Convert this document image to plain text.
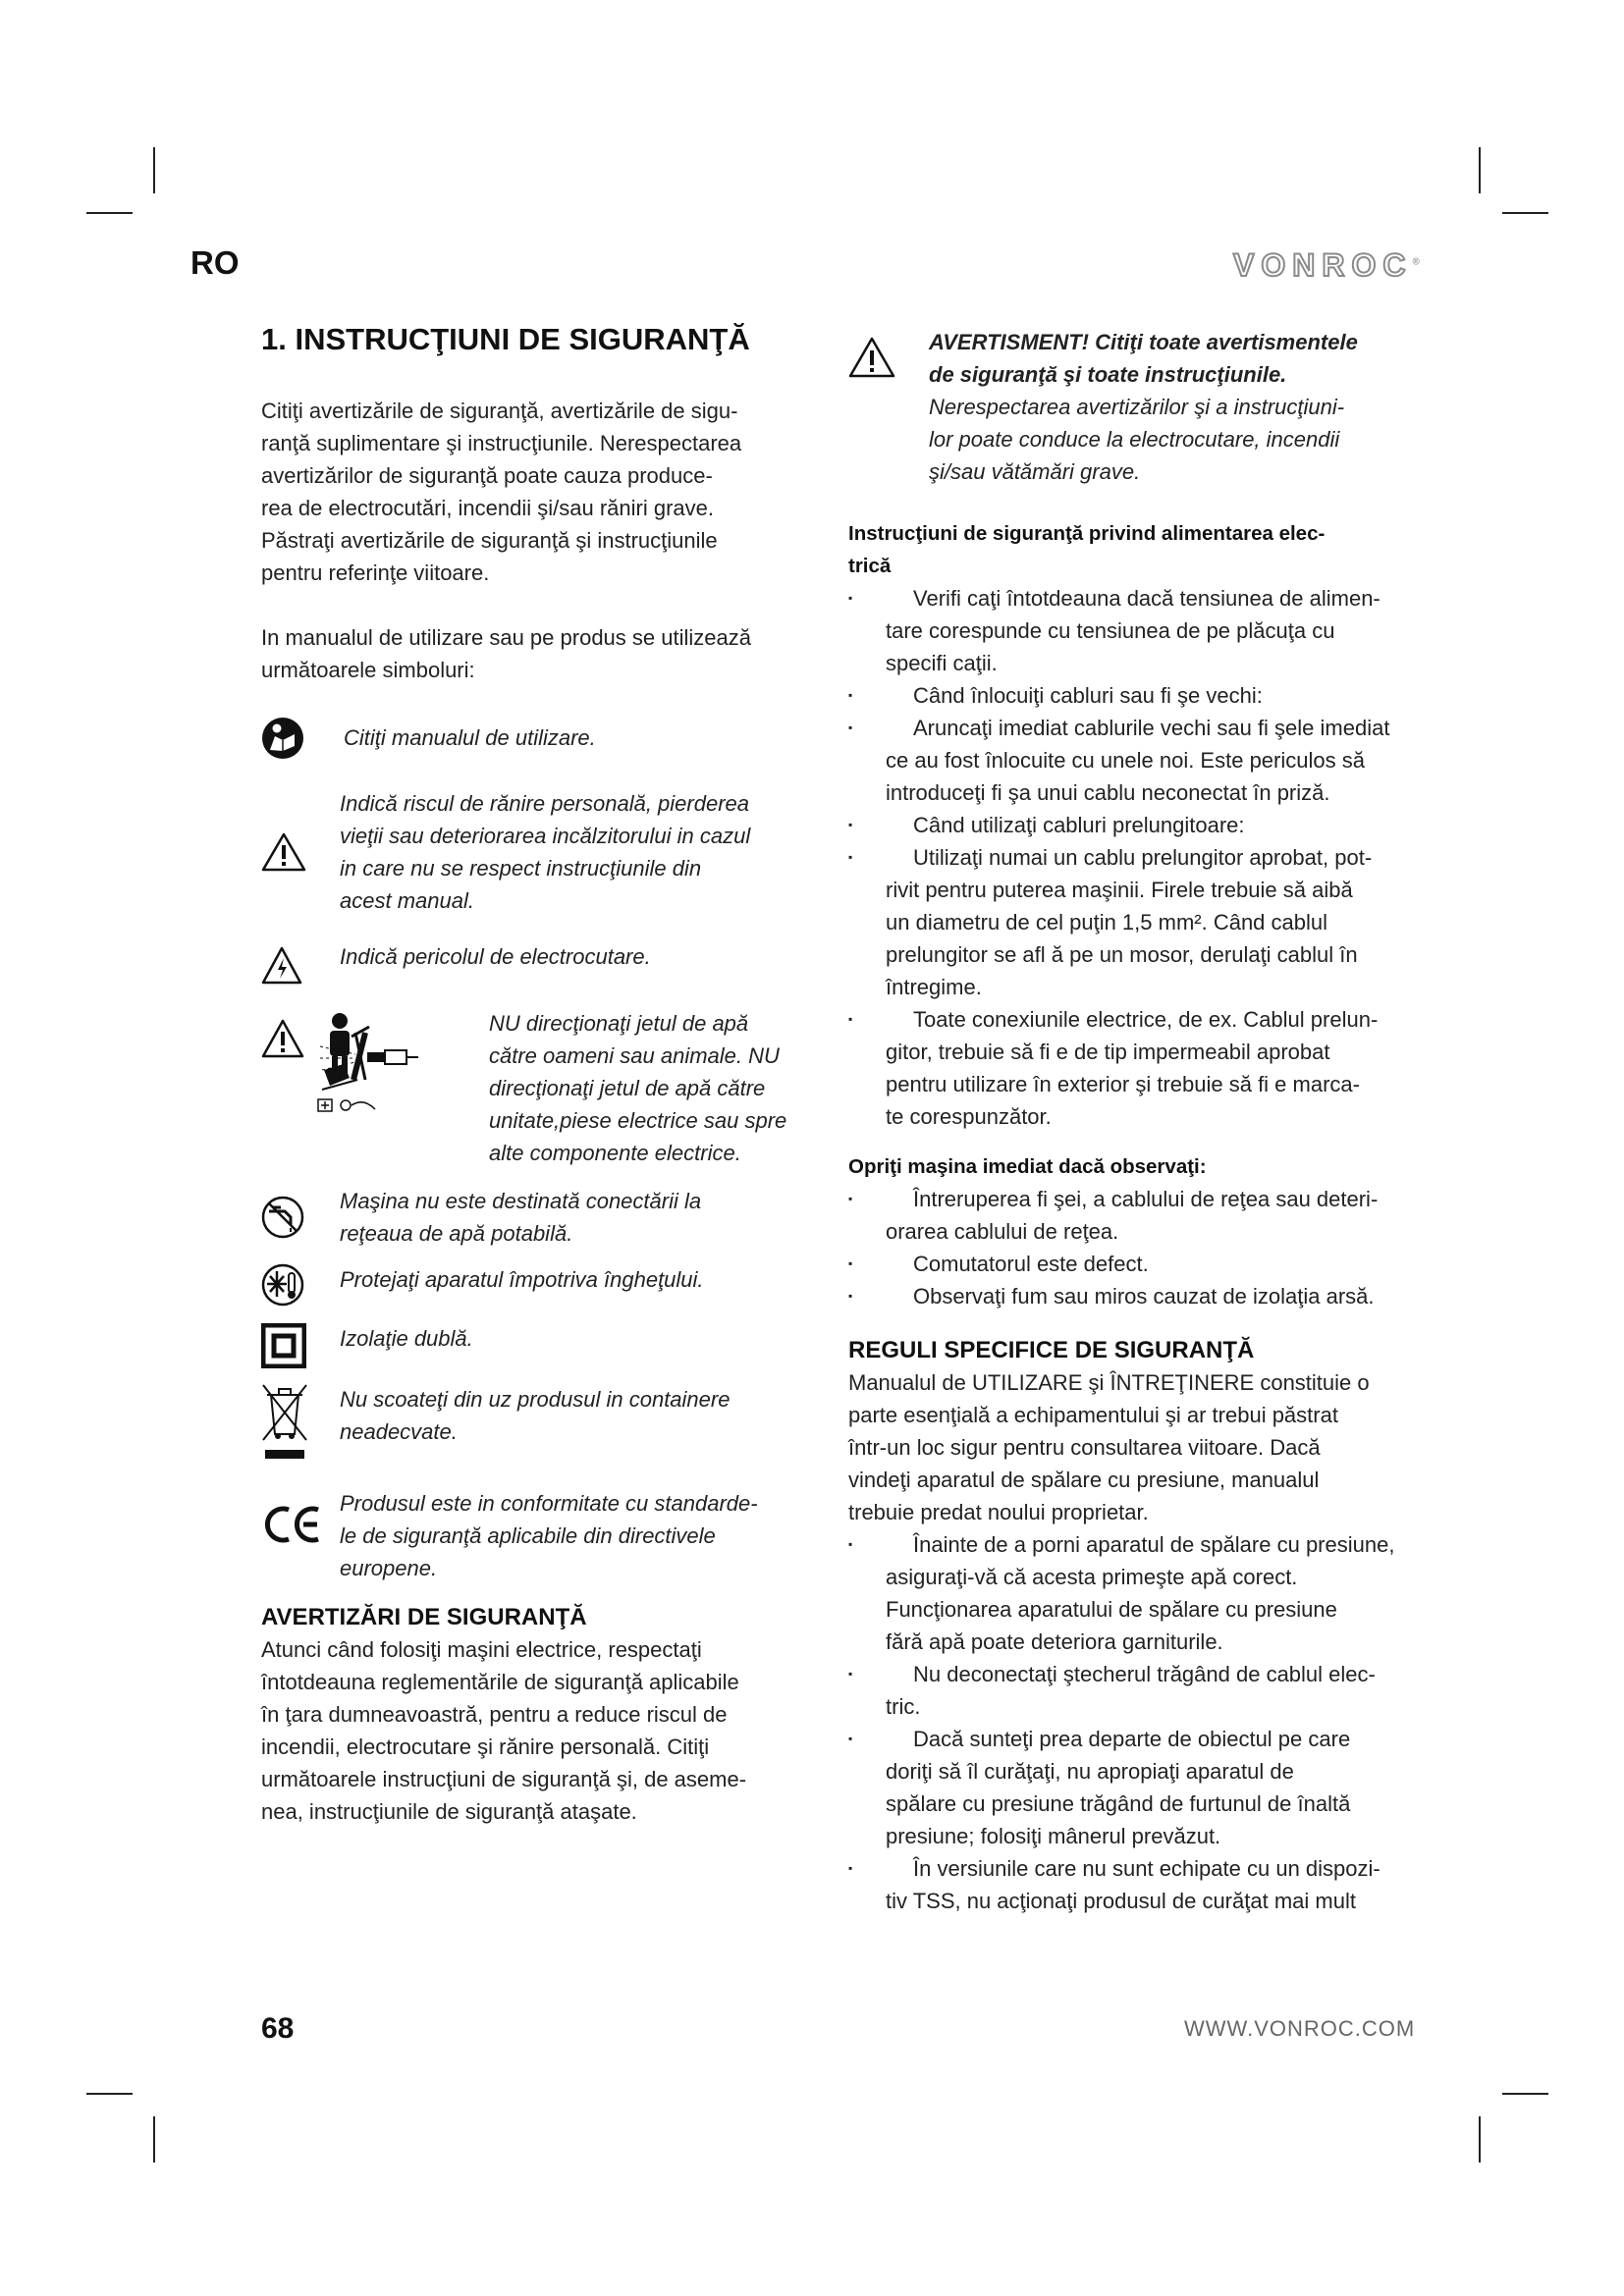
RO	VONROC®
1. INSTRUCŢIUNI DE SIGURANŢĂ
Citiţi avertizările de siguranţă, avertizările de sigu-
ranţă suplimentare şi instrucţiunile. Nerespectarea
avertizărilor de siguranţă poate cauza produce-
rea de electrocutări, incendii şi/sau răniri grave.
Păstraţi avertizările de siguranţă şi instrucţiunile
pentru referinţe viitoare.
In manualul de utilizare sau pe produs se utilizează
următoarele simboluri:
Citiţi manualul de utilizare.
Indică riscul de rănire personală, pierderea
vieţii sau deteriorarea incălzitorului in cazul
in care nu se respect instrucţiunile din
acest manual.
Indică pericolul de electrocutare.
NU direcţionaţi jetul de apă
către oameni sau animale. NU
direcţionaţi jetul de apă către
unitate,piese electrice sau spre
alte componente electrice.
Maşina nu este destinată conectării la
reţeaua de apă potabilă.
Protejaţi aparatul împotriva îngheţului.
Izolaţie dublă.
Nu scoateţi din uz produsul in containere
neadecvate.
Produsul este in conformitate cu standarde-
le de siguranţă aplicabile din directivele
europene.
AVERTIZĂRI DE SIGURANŢĂ
Atunci când folosiţi maşini electrice, respectaţi
întotdeauna reglementările de siguranţă aplicabile
în ţara dumneavoastră, pentru a reduce riscul de
incendii, electrocutare şi rănire personală. Citiţi
următoarele instrucţiuni de siguranţă şi, de aseme-
nea, instrucţiunile de siguranţă ataşate.
AVERTISMENT! Citiţi toate avertismentele
de siguranţă şi toate instrucţiunile.
Nerespectarea avertizărilor şi a instrucţiuni-
lor poate conduce la electrocutare, incendii
şi/sau vătămări grave.
Instrucţiuni de siguranţă privind alimentarea elec-
trică
▪ Verifi caţi întotdeauna dacă tensiunea de alimen-
tare corespunde cu tensiunea de pe plăcuţa cu
specifi caţii.
▪ Când înlocuiţi cabluri sau fi şe vechi:
▪ Aruncaţi imediat cablurile vechi sau fi şele imediat
ce au fost înlocuite cu unele noi. Este periculos să
introduceţi fi şa unui cablu neconectat în priză.
▪ Când utilizaţi cabluri prelungitoare:
▪ Utilizaţi numai un cablu prelungitor aprobat, pot-
rivit pentru puterea maşinii. Firele trebuie să aibă
un diametru de cel puţin 1,5 mm². Când cablul
prelungitor se afl ă pe un mosor, derulaţi cablul în
întregime.
▪ Toate conexiunile electrice, de ex. Cablul prelun-
gitor, trebuie să fi e de tip impermeabil aprobat
pentru utilizare în exterior şi trebuie să fi e marca-
te corespunzător.
Opriţi maşina imediat dacă observaţi:
▪ Întreruperea fi şei, a cablului de reţea sau deteri-
orarea cablului de reţea.
▪ Comutatorul este defect.
▪ Observaţi fum sau miros cauzat de izolaţia arsă.
REGULI SPECIFICE DE SIGURANŢĂ
Manualul de UTILIZARE şi ÎNTREŢINERE constituie o
parte esenţială a echipamentului şi ar trebui păstrat
într-un loc sigur pentru consultarea viitoare. Dacă
vindeţi aparatul de spălare cu presiune, manualul
trebuie predat noului proprietar.
▪ Înainte de a porni aparatul de spălare cu presiune,
asiguraţi-vă că acesta primeşte apă corect.
Funcţionarea aparatului de spălare cu presiune
fără apă poate deteriora garniturile.
▪ Nu deconectaţi ştecherul trăgând de cablul elec-
tric.
▪ Dacă sunteţi prea departe de obiectul pe care
doriţi să îl curăţaţi, nu apropiaţi aparatul de
spălare cu presiune trăgând de furtunul de înaltă
presiune; folosiţi mânerul prevăzut.
▪ În versiunile care nu sunt echipate cu un dispozi-
tiv TSS, nu acţionaţi produsul de curăţat mai mult
68	WWW.VONROC.COM
